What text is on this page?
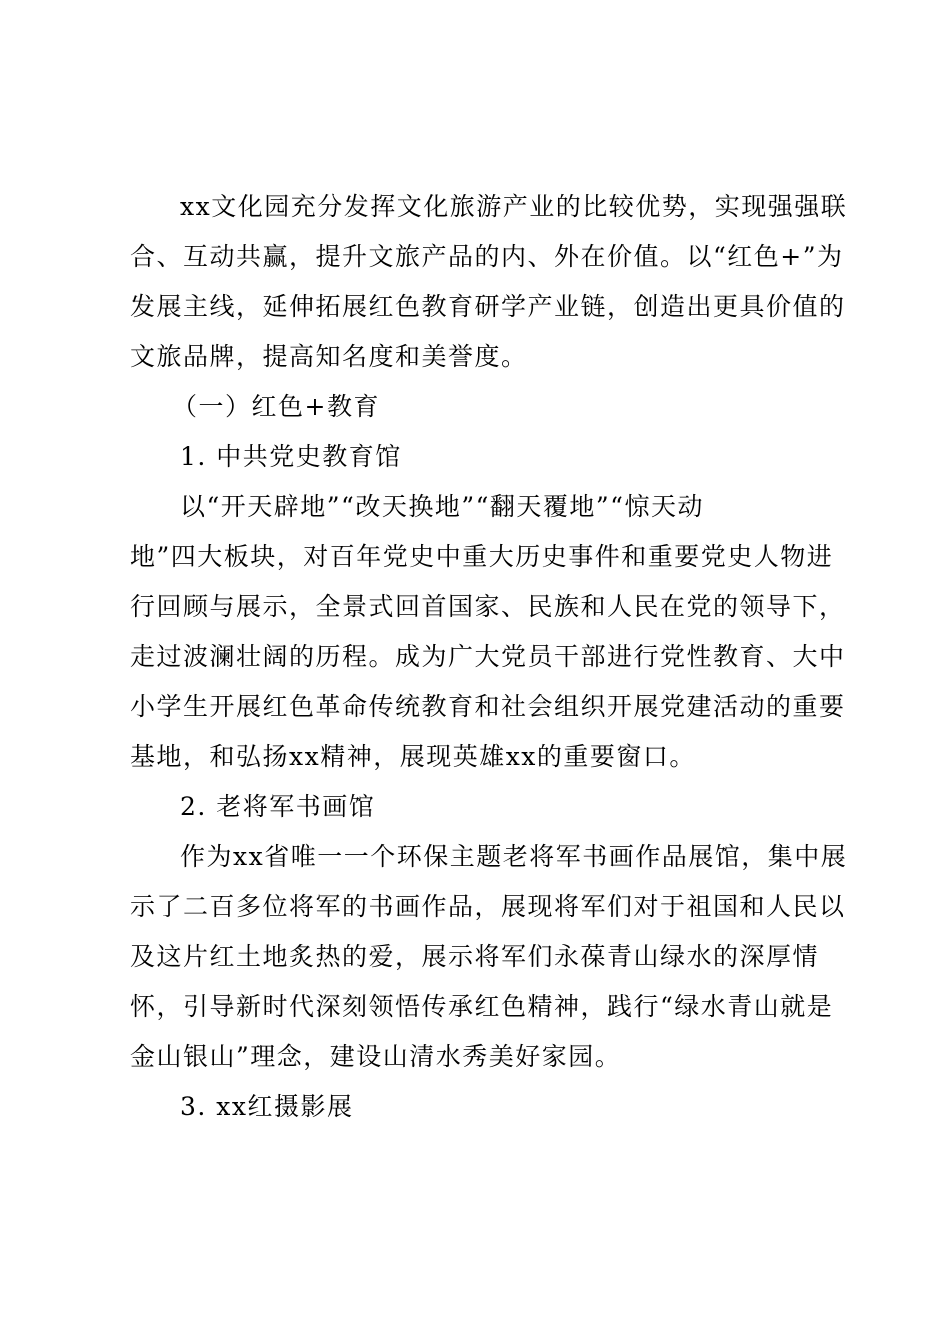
xx文化园充分发挥文化旅游产业的比较优势，实现强强联
合、互动共赢，提升文旅产品的内、外在价值。以“红色+”为
发展主线，延伸拓展红色教育研学产业链，创造出更具价值的
文旅品牌，提高知名度和美誉度。
（一）红色+教育
1. 中共党史教育馆
以“开天辟地”“改天换地”“翻天覆地”“惊天动
地”四大板块，对百年党史中重大历史事件和重要党史人物进
行回顾与展示，全景式回首国家、民族和人民在党的领导下，
走过波澜壮阔的历程。成为广大党员干部进行党性教育、大中
小学生开展红色革命传统教育和社会组织开展党建活动的重要
基地，和弘扬xx精神，展现英雄xx的重要窗口。
2. 老将军书画馆
作为xx省唯一一个环保主题老将军书画作品展馆，集中展
示了二百多位将军的书画作品，展现将军们对于祖国和人民以
及这片红土地炙热的爱，展示将军们永葆青山绿水的深厚情
怀，引导新时代深刻领悟传承红色精神，践行“绿水青山就是
金山银山”理念，建设山清水秀美好家园。
3. xx红摄影展
